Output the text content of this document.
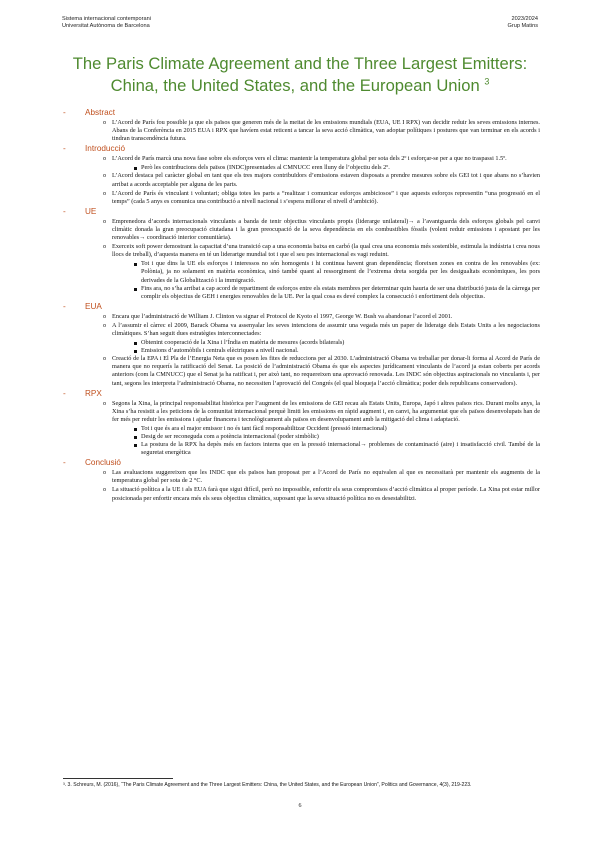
Sistema internacional contemporani
Universitat Autònoma de Barcelona
2023/2024
Grup Matins
The Paris Climate Agreement and the Three Largest Emitters:
China, the United States, and the European Union $^3$
- Abstract
o L’Acord de París fou possible ja que els països que generen més de la meitat de les emissions mundials (EUA, UE I RPX) van decidir reduir les seves emissions internes. Abans de la Conferència en 2015 EUA i RPX que havíem estat reticent a tancar la seva acció climàtica, van adoptar polítiques i postures que van terminar en els acords i tindran transcendència futura.
- Introducció
o L’Acord de París marcà una nova fase sobre els esforços vers el clima: mantenir la temperatura global per sota dels 2º i esforçar-se per a que no traspassi 1.5º.
Però les contribucions dels països (INDC)presentades al CMNUCC eren lluny de l’objectiu dels 2º.
o L’Acord destaca pel caràcter global en tant que els tres majors contribuïdors d’emissions estaven disposats a prendre mesures sobre els GEI tot i que abans no s’havien arribat a acords acceptable per alguna de les parts.
o L’Acord de París és vinculant i voluntari; obliga totes les parts a “realitzar i comunicar esforços ambiciosos” i que aquests esforços representin “una progressió en el temps” (cada 5 anys es comunica una contribució a nivell nacional i s’espera millorar el nivell d’ambició).
- UE
o Emprenedora d’acords internacionals vinculants a banda de tenir objectius vinculants propis (liderarge unilateral)→ a l’avantguarda dels esforços globals pel canvi climàtic donada la gran preocupació ciutadana i la gran preocupació de la seva dependència en els combustibles fòssils (volent reduir emissions i apostant per les renovables→ coordinació interior comunitària).
o Exerceix soft power demostrant la capacitat d’una transició cap a una economia baixa en carbó (la qual crea una economia més sostenible, estimula la indústria i crea nous llocs de treball), d’aquesta manera en té un liderartge mundial tot i que el seu pes internacional es vagi reduint.
Tot i que dins la UE els esforços i interessos no són homogenis i hi continua havent gran dependència; floreixen zones en contra de les renovables (ex: Polònia), ja no solament en matèria econòmica, sinó també quant al ressorgiment de l’extrema dreta sorgida per les desigualtats econòmiques, les pors derivades de la Globalització i la immigració.
Fins ara, no s’ha arribat a cap acord de repartiment de esforços entre els estats membres per determinar quin hauria de ser una distribució justa de la càrrega per complir els objectius de GEH i energies renovables de la UE. Per la qual cosa es devé complex la consecució i enfortiment dels objectius.
- EUA
o Encara que l’administració de William J. Clinton va signar el Protocol de Kyoto el 1997, George W. Bush va abandonar l’acord el 2001.
o A l’assumir el càrrec el 2009, Barack Obama va assenyalar les seves intencions de assumir una vegada més un paper de lideratge dels Estats Units a les negociacions climàtiques. S’han seguit dues estratègies interconnectades:
Obtenint cooperació de la Xina i l’Índia en matèria de mesures (acords bilaterals)
Emissions d’automòbils i centrals elèctriques a nivell nacional.
o Creació de la EPA i El Pla de l’Energia Neta que es posen les fites de reduccions per al 2030. L’administració Obama va treballar per donar-li forma al Acord de París de manera que no requerís la ratificació del Senat. La posició de l’administració Obama és que els aspectes jurídicament vinculants de l’acord ja estan coberts per acords anteriors (com la CMNUCC) que el Senat ja ha ratificat i, per això tant, no requereixen una aprovació renovada. Les INDC són objectius aspiracionals no vinculants i, per tant, segons les interpreta l’administració Obama, no necessiten l’aprovació del Congrés (el qual bloqueja l’acció climàtica; poder dels republicans conservadors).
- RPX
o Segons la Xina, la principal responsabilitat històrica per l’augment de les emissions de GEI recau als Estats Units, Europa, Japó i altres països rics. Durant molts anys, la Xina s’ha resistit a les peticions de la comunitat internacional perquè limiti les emissions en ràpid augment i, en canvi, ha argumentat que els països desenvolupats han de fer més per reduir les emissions i ajudar financera i tecnològicament als països en desenvolupament amb la mitigació del clima i adaptació.
Tot i que és ara el major emissor i no és tant fàcil responsabilitzar Occident (pressió internacional)
Desig de ser reconeguda com a potència internacional (poder simbòlic)
La postura de la RPX ha depès més en factors interns que en la pressió internacional→ problemes de contaminació (aire) i insatisfacció civil. També de la seguretat energètica
- Conclusió
o Las avaluacions suggereixen que les INDC que els països han proposat per a l’Acord de París no equivalen al que es necessitarà per mantenir els augments de la temperatura global per sota de 2 °C.
o La situació política a la UE i als EUA farà que sigui difícil, però no impossible, enfortir els seus compromisos d’acció climàtica al proper període. La Xina pot estar millor posicionada per enfortir encara més els seus objectius climàtics, suposant que la seva situació política no es desestabilitzi.
³. 3. Schreurs, M. (2016), “The Paris Climate Agreement and the Three Largest Emitters: China, the United States, and the European Union”, Politics and Governance, 4(3), 219-223.
6
